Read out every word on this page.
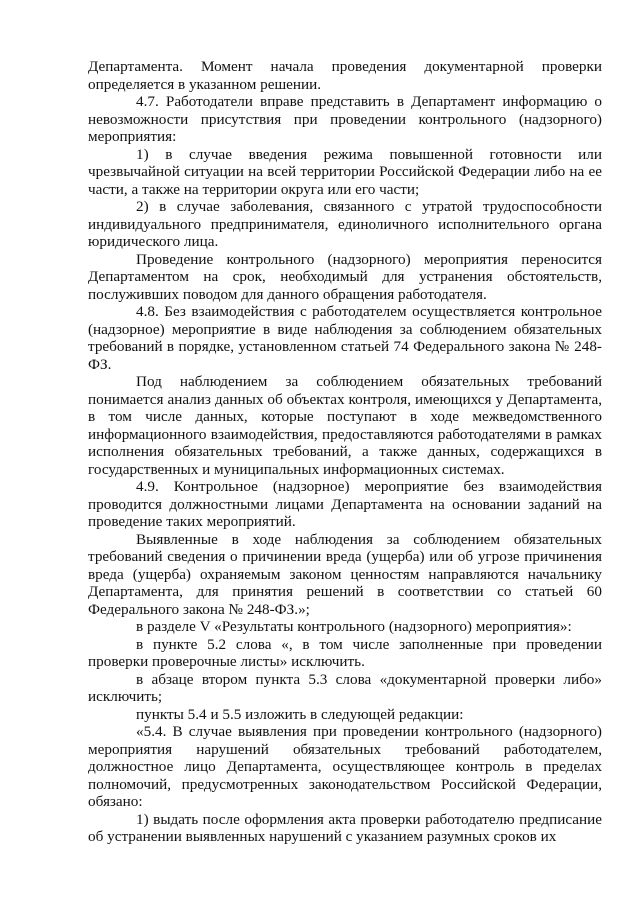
Департамента. Момент начала проведения документарной проверки определяется в указанном решении.

4.7. Работодатели вправе представить в Департамент информацию о невозможности присутствия при проведении контрольного (надзорного) мероприятия:

1) в случае введения режима повышенной готовности или чрезвычайной ситуации на всей территории Российской Федерации либо на ее части, а также на территории округа или его части;

2) в случае заболевания, связанного с утратой трудоспособности индивидуального предпринимателя, единоличного исполнительного органа юридического лица.

Проведение контрольного (надзорного) мероприятия переносится Департаментом на срок, необходимый для устранения обстоятельств, послуживших поводом для данного обращения работодателя.

4.8. Без взаимодействия с работодателем осуществляется контрольное (надзорное) мероприятие в виде наблюдения за соблюдением обязательных требований в порядке, установленном статьей 74 Федерального закона № 248-ФЗ.

Под наблюдением за соблюдением обязательных требований понимается анализ данных об объектах контроля, имеющихся у Департамента, в том числе данных, которые поступают в ходе межведомственного информационного взаимодействия, предоставляются работодателями в рамках исполнения обязательных требований, а также данных, содержащихся в государственных и муниципальных информационных системах.

4.9. Контрольное (надзорное) мероприятие без взаимодействия проводится должностными лицами Департамента на основании заданий на проведение таких мероприятий.

Выявленные в ходе наблюдения за соблюдением обязательных требований сведения о причинении вреда (ущерба) или об угрозе причинения вреда (ущерба) охраняемым законом ценностям направляются начальнику Департамента, для принятия решений в соответствии со статьей 60 Федерального закона № 248-ФЗ.»;

в разделе V «Результаты контрольного (надзорного) мероприятия»:

в пункте 5.2 слова «, в том числе заполненные при проведении проверки проверочные листы» исключить.

в абзаце втором пункта 5.3 слова «документарной проверки либо» исключить;

пункты 5.4 и 5.5 изложить в следующей редакции:

«5.4. В случае выявления при проведении контрольного (надзорного) мероприятия нарушений обязательных требований работодателем, должностное лицо Департамента, осуществляющее контроль в пределах полномочий, предусмотренных законодательством Российской Федерации, обязано:

1) выдать после оформления акта проверки работодателю предписание об устранении выявленных нарушений с указанием разумных сроков их
